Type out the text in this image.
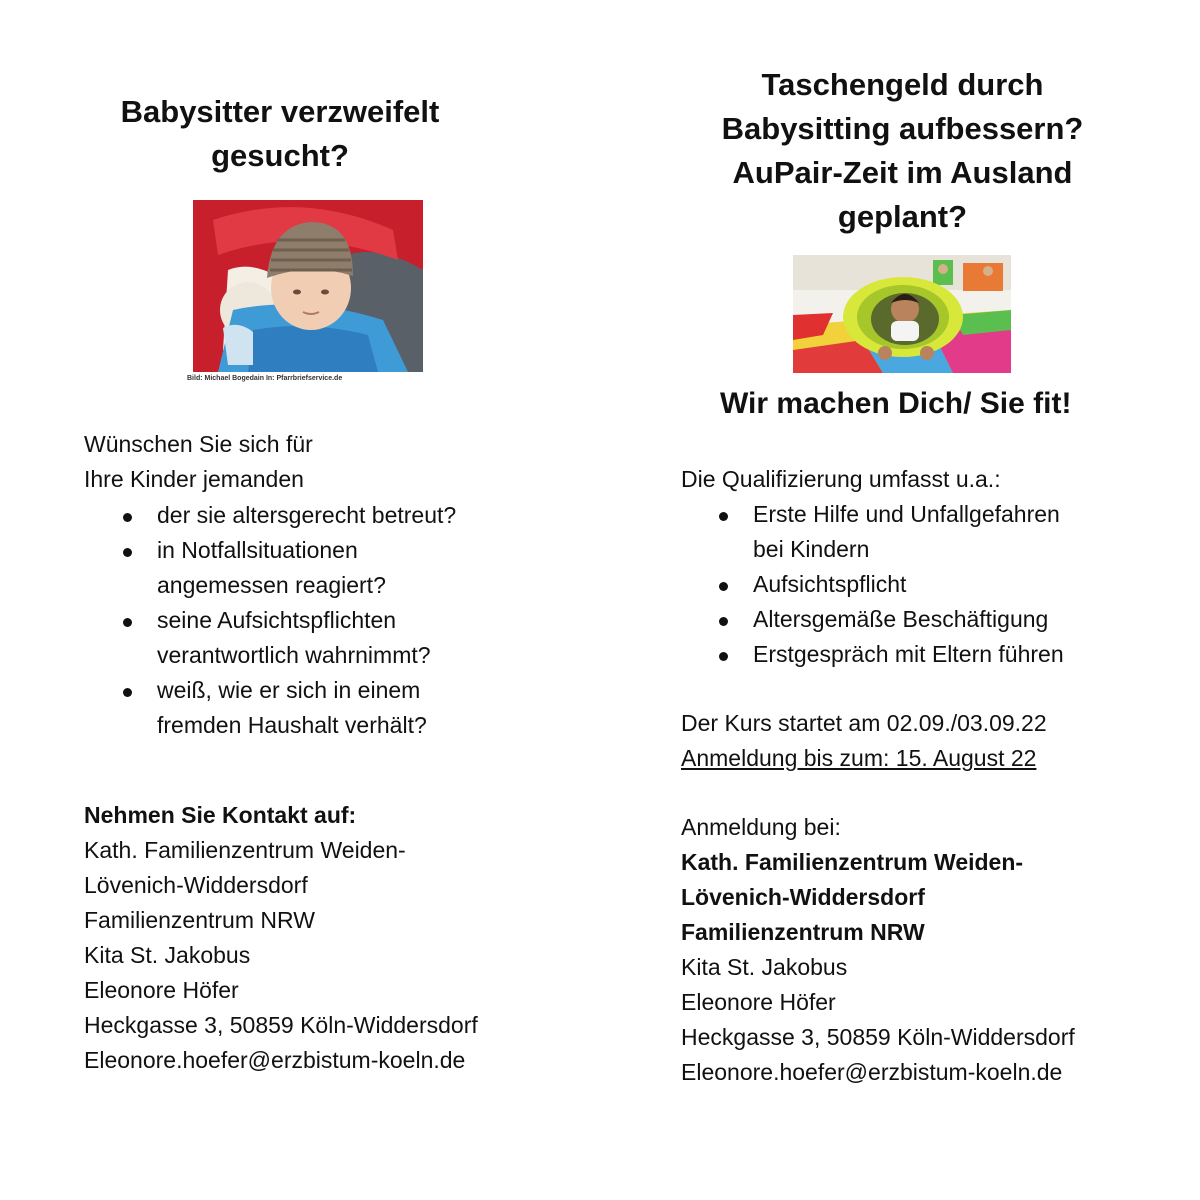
Babysitter verzweifelt
gesucht?
Bild: Michael Bogedain In: Pfarrbriefservice.de
Wünschen Sie sich für
Ihre Kinder jemanden
der sie altersgerecht betreut?
in Notfallsituationen
angemessen reagiert?
seine Aufsichtspflichten
verantwortlich wahrnimmt?
weiß, wie er sich in einem
fremden Haushalt verhält?
Nehmen Sie Kontakt auf:
Kath. Familienzentrum Weiden-
Lövenich-Widdersdorf
Familienzentrum NRW
Kita St. Jakobus
Eleonore Höfer
Heckgasse 3, 50859 Köln-Widdersdorf
Eleonore.hoefer@erzbistum-koeln.de
Taschengeld durch
Babysitting aufbessern?
AuPair-Zeit im Ausland
geplant?
Wir machen Dich/ Sie fit!
Die Qualifizierung umfasst u.a.:
Erste Hilfe und Unfallgefahren
bei Kindern
Aufsichtspflicht
Altersgemäße Beschäftigung
Erstgespräch mit Eltern führen
Der Kurs startet am 02.09./03.09.22
Anmeldung bis zum: 15. August 22
Anmeldung bei:
Kath. Familienzentrum Weiden-
Lövenich-Widdersdorf
Familienzentrum NRW
Kita St. Jakobus
Eleonore Höfer
Heckgasse 3, 50859 Köln-Widdersdorf
Eleonore.hoefer@erzbistum-koeln.de
